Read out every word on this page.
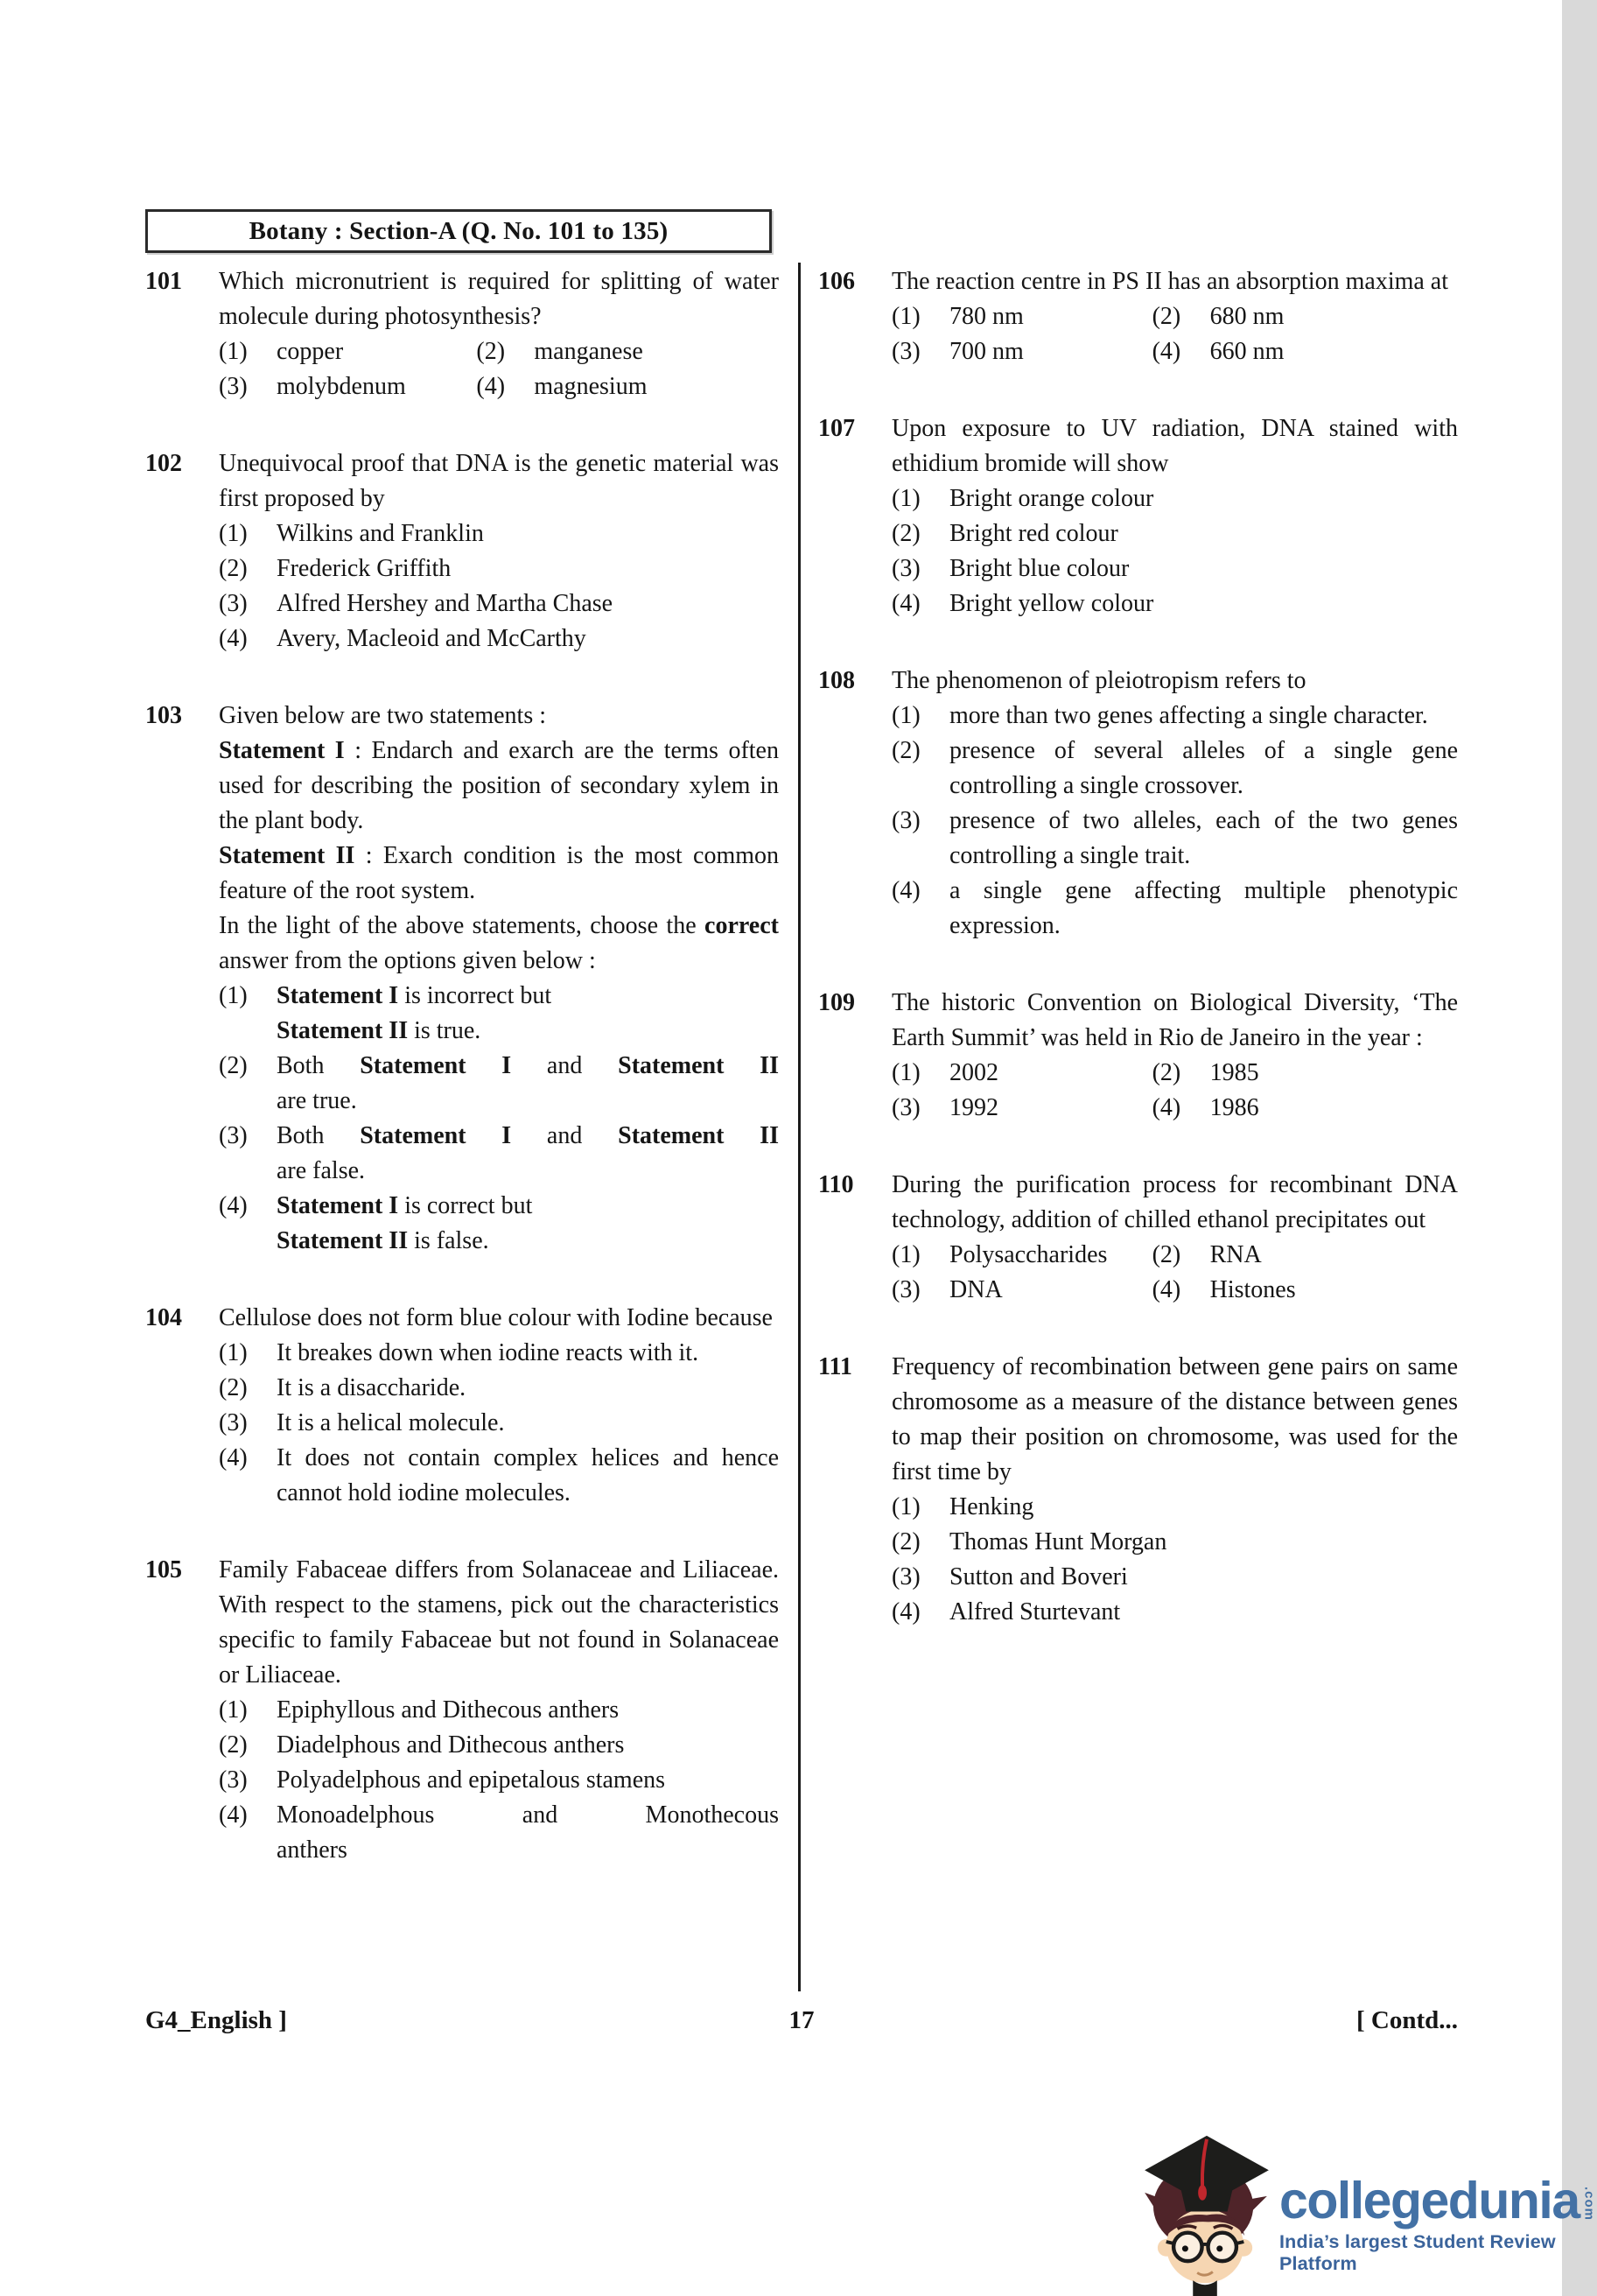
Botany : Section-A (Q. No. 101 to 135)
101	Which micronutrient is required for splitting of water molecule during photosynthesis?
(1)	copper	(2)	manganese
(3)	molybdenum	(4)	magnesium
102	Unequivocal proof that DNA is the genetic material was first proposed by
(1)	Wilkins and Franklin
(2)	Frederick Griffith
(3)	Alfred Hershey and Martha Chase
(4)	Avery, Macleoid and McCarthy
103	Given below are two statements :
Statement I : Endarch and exarch are the terms often used for describing the position of secondary xylem in the plant body.
Statement II : Exarch condition is the most common feature of the root system.
In the light of the above statements, choose the correct answer from the options given below :
(1)	Statement I is incorrect but
Statement II is true.
(2)	Both Statement I and Statement II
are true.
(3)	Both Statement I and Statement II
are false.
(4)	Statement I is correct but
Statement II is false.
104	Cellulose does not form blue colour with Iodine because
(1)	It breakes down when iodine reacts with it.
(2)	It is a disaccharide.
(3)	It is a helical molecule.
(4)	It does not contain complex helices and hence cannot hold iodine molecules.
105	Family Fabaceae differs from Solanaceae and Liliaceae. With respect to the stamens, pick out the characteristics specific to family Fabaceae but not found in Solanaceae or Liliaceae.
(1)	Epiphyllous and Dithecous anthers
(2)	Diadelphous and Dithecous anthers
(3)	Polyadelphous and epipetalous stamens
(4)	Monoadelphous and Monothecous
anthers
106	The reaction centre in PS II has an absorption maxima at
(1)	780 nm	(2)	680 nm
(3)	700 nm	(4)	660 nm
107	Upon exposure to UV radiation, DNA stained with ethidium bromide will show
(1)	Bright orange colour
(2)	Bright red colour
(3)	Bright blue colour
(4)	Bright yellow colour
108	The phenomenon of pleiotropism refers to
(1)	more than two genes affecting a single character.
(2)	presence of several alleles of a single gene controlling a single crossover.
(3)	presence of two alleles, each of the two genes controlling a single trait.
(4)	a single gene affecting multiple phenotypic expression.
109	The historic Convention on Biological Diversity, ‘The Earth Summit’ was held in Rio de Janeiro in the year :
(1)	2002	(2)	1985
(3)	1992	(4)	1986
110	During the purification process for recombinant DNA technology, addition of chilled ethanol precipitates out
(1)	Polysaccharides	(2)	RNA
(3)	DNA	(4)	Histones
111	Frequency of recombination between gene pairs on same chromosome as a measure of the distance between genes to map their position on chromosome, was used for the first time by
(1)	Henking
(2)	Thomas Hunt Morgan
(3)	Sutton and Boveri
(4)	Alfred Sturtevant
G4_English ]	17	[ Contd...
collegedunia .com
India’s largest Student Review Platform
